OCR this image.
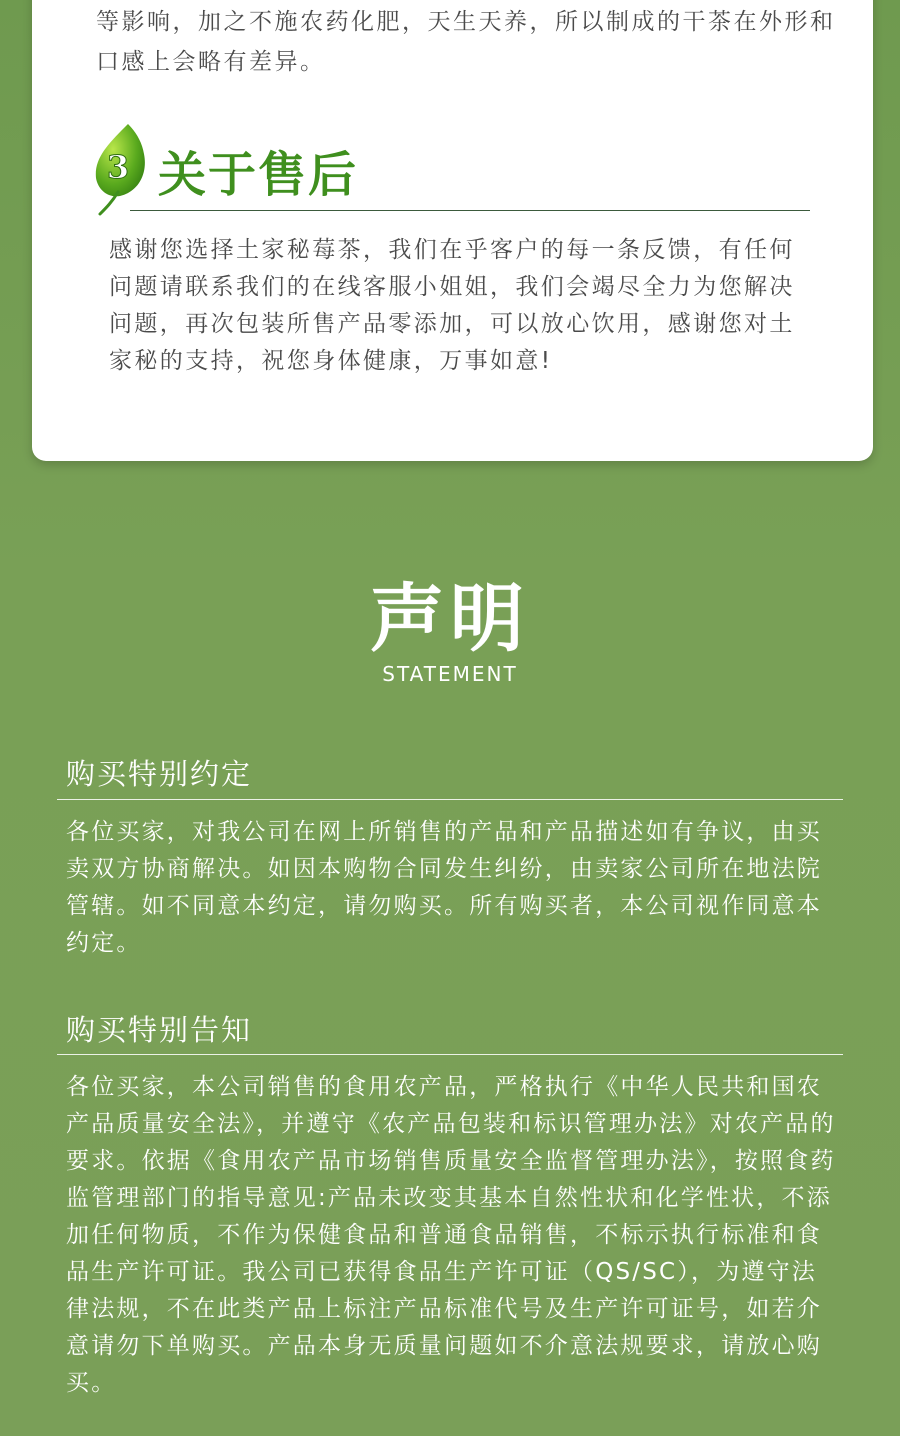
等影响，加之不施农药化肥，天生天养，所以制成的干茶在外形和口感上会略有差异。

3 关于售后

感谢您选择土家秘莓茶，我们在乎客户的每一条反馈，有任何问题请联系我们的在线客服小姐姐，我们会竭尽全力为您解决问题，再次包装所售产品零添加，可以放心饮用，感谢您对土家秘的支持，祝您身体健康，万事如意!

声明
STATEMENT
购买特别约定

各位买家，对我公司在网上所销售的产品和产品描述如有争议，由买卖双方协商解决。如因本购物合同发生纠纷，由卖家公司所在地法院管辖。如不同意本约定，请勿购买。所有购买者，本公司视作同意本约定。

购买特别告知

各位买家，本公司销售的食用农产品，严格执行《中华人民共和国农产品质量安全法》，并遵守《农产品包装和标识管理办法》对农产品的要求。依据《食用农产品市场销售质量安全监督管理办法》，按照食药监管理部门的指导意见:产品未改变其基本自然性状和化学性状，不添加任何物质，不作为保健食品和普通食品销售，不标示执行标准和食品生产许可证。我公司已获得食品生产许可证（QS/SC），为遵守法律法规，不在此类产品上标注产品标准代号及生产许可证号，如若介意请勿下单购买。产品本身无质量问题如不介意法规要求，请放心购买。
